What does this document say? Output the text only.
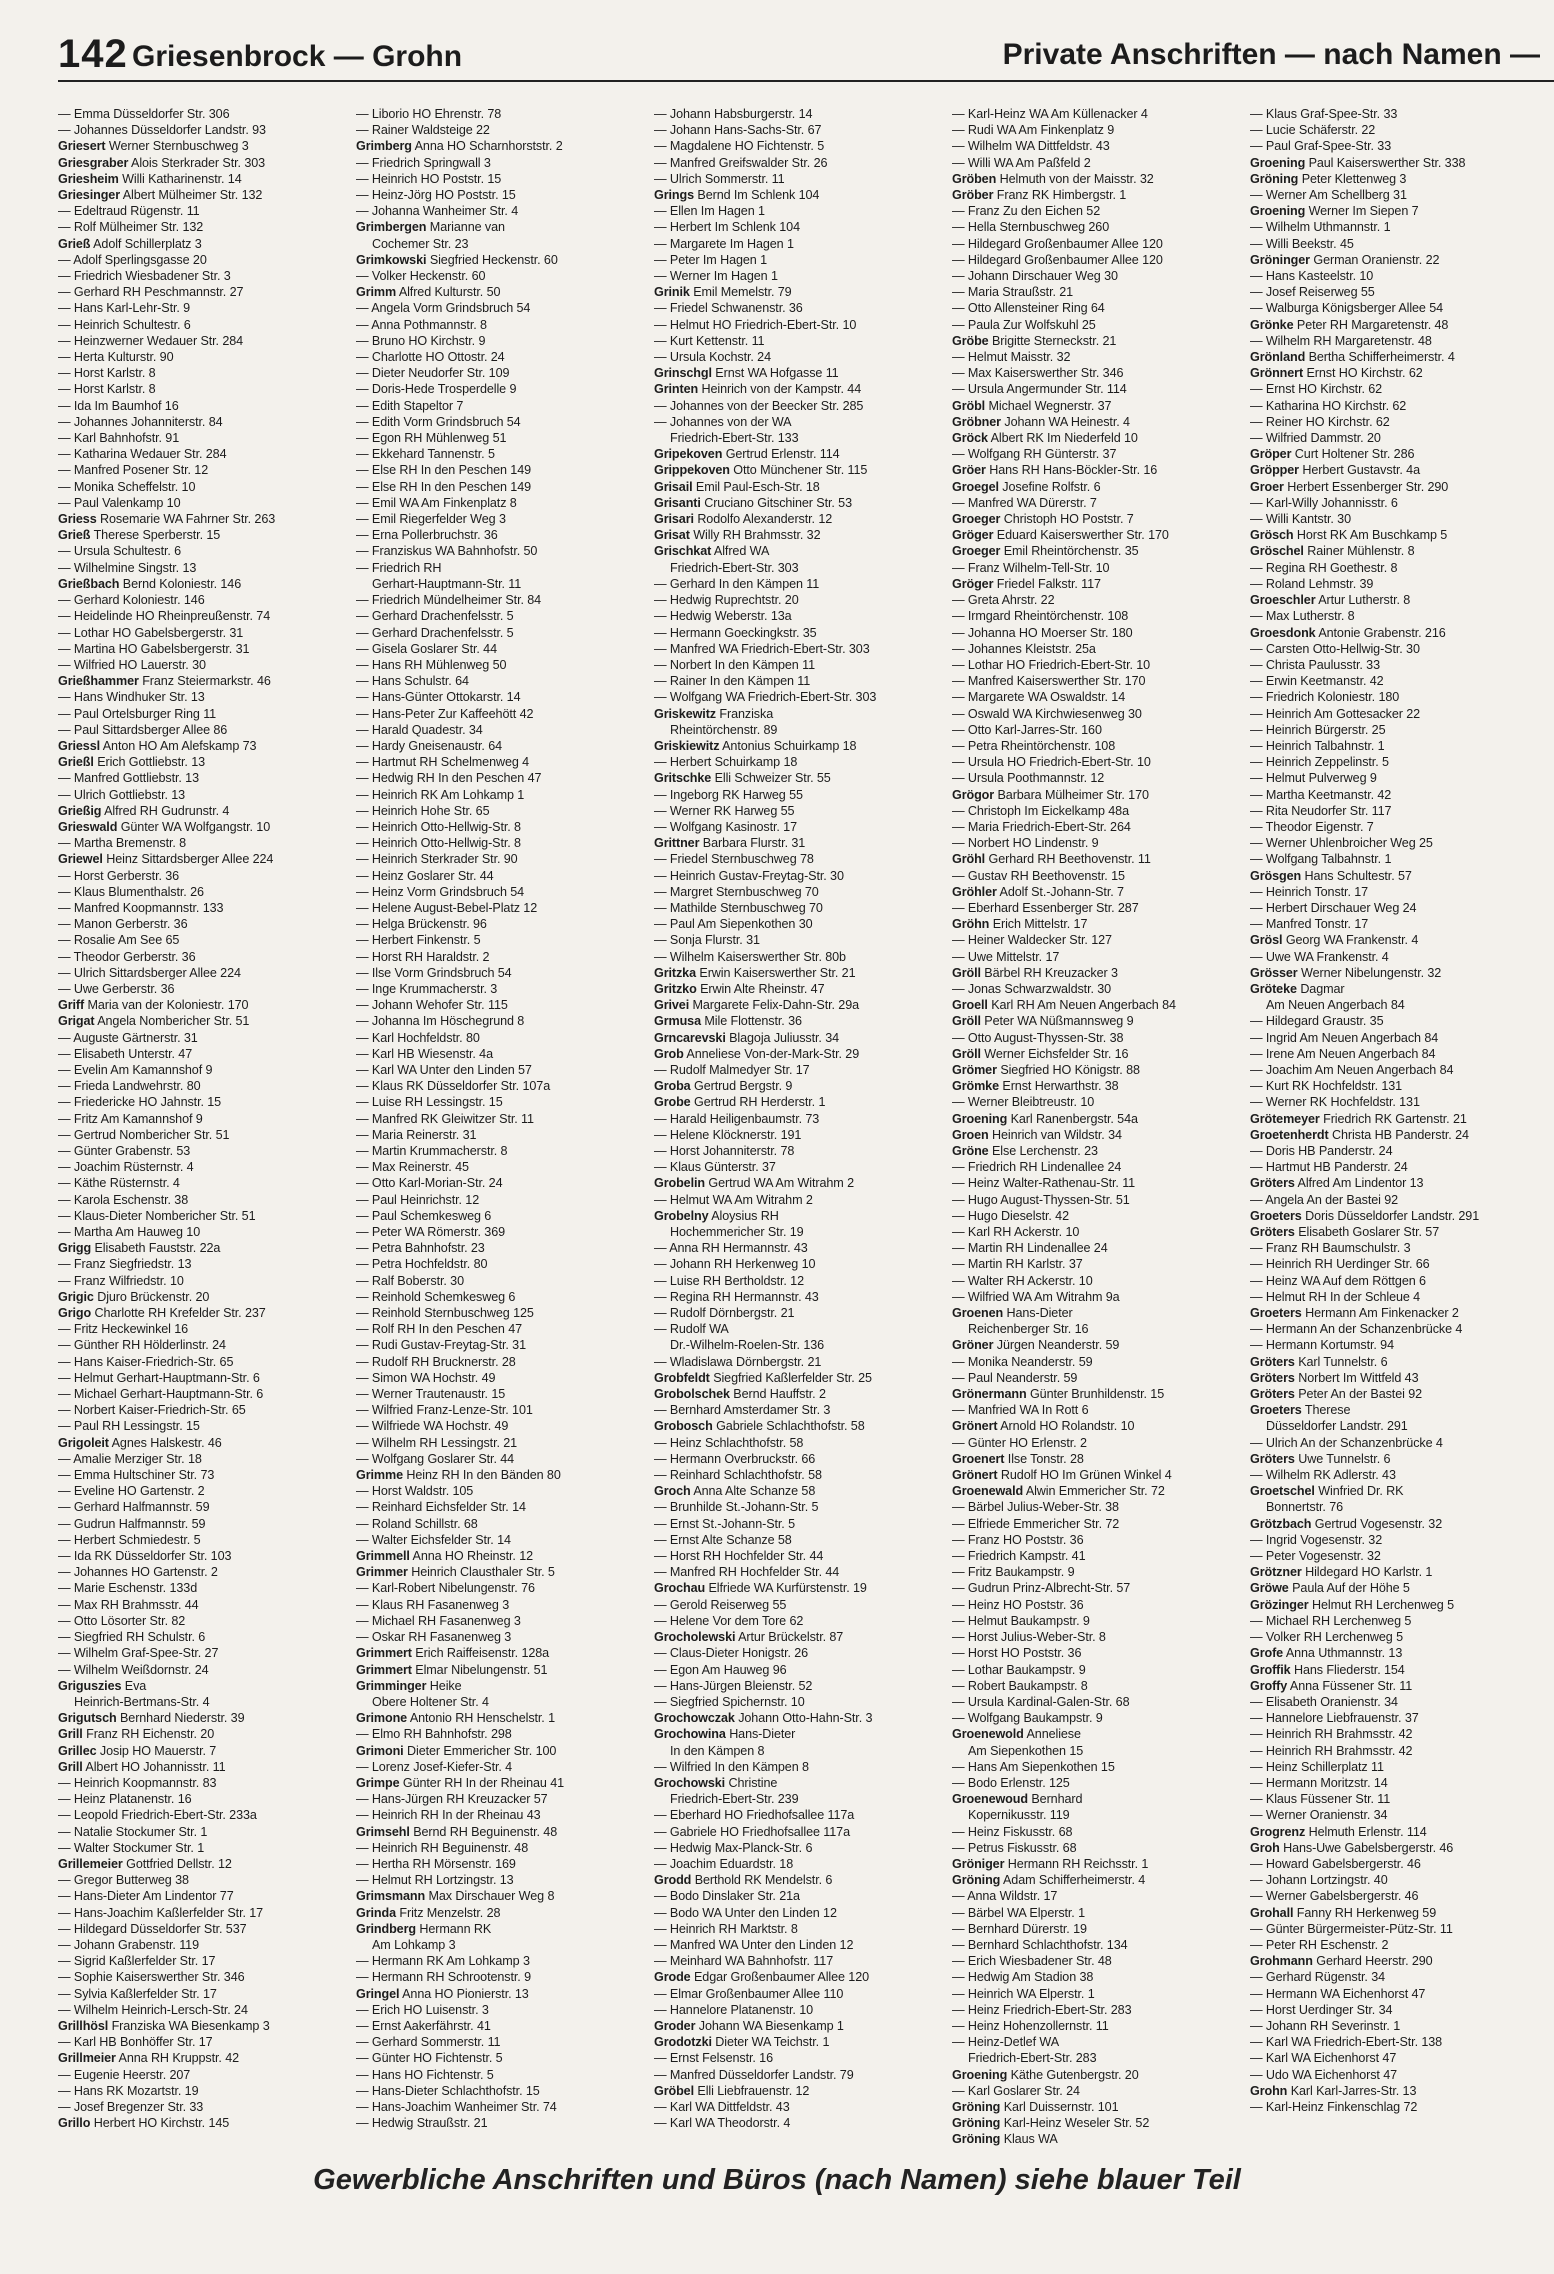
142 Griesenbrock — Grohn	Private Anschriften — nach Namen —
— Emma Düsseldorfer Str. 306
— Johannes Düsseldorfer Landstr. 93
Griesert Werner Sternbuschweg 3
Griesgraber Alois Sterkrader Str. 303
Griesheim Willi Katharinenstr. 14
Griesinger Albert Mülheimer Str. 132
— Edeltraud Rügenstr. 11
— Rolf Mülheimer Str. 132
Grieß Adolf Schillerplatz 3
— Adolf Sperlingsgasse 20
— Friedrich Wiesbadener Str. 3
— Gerhard RH Peschmannstr. 27
— Hans Karl-Lehr-Str. 9
— Heinrich Schultestr. 6
— Heinzwerner Wedauer Str. 284
— Herta Kulturstr. 90
— Horst Karlstr. 8
— Horst Karlstr. 8
— Ida Im Baumhof 16
— Johannes Johanniterstr. 84
— Karl Bahnhofstr. 91
— Katharina Wedauer Str. 284
— Manfred Posener Str. 12
— Monika Scheffelstr. 10
— Paul Valenkamp 10
Griess Rosemarie WA Fahrner Str. 263
Grieß Therese Sperberstr. 15
— Ursula Schultestr. 6
— Wilhelmine Singstr. 13
Grießbach Bernd Koloniestr. 146
— Gerhard Koloniestr. 146
— Heidelinde HO Rheinpreußenstr. 74
— Lothar HO Gabelsbergerstr. 31
— Martina HO Gabelsbergerstr. 31
— Wilfried HO Lauerstr. 30
Grießhammer Franz Steiermarkstr. 46
— Hans Windhuker Str. 13
— Paul Ortelsburger Ring 11
— Paul Sittardsberger Allee 86
Griessl Anton HO Am Alefskamp 73
Grießl Erich Gottliebstr. 13
— Manfred Gottliebstr. 13
— Ulrich Gottliebstr. 13
Grießig Alfred RH Gudrunstr. 4
Grieswald Günter WA Wolfgangstr. 10
— Martha Bremenstr. 8
Griewel Heinz Sittardsberger Allee 224
— Horst Gerberstr. 36
— Klaus Blumenthalstr. 26
— Manfred Koopmannstr. 133
— Manon Gerberstr. 36
— Rosalie Am See 65
— Theodor Gerberstr. 36
— Ulrich Sittardsberger Allee 224
— Uwe Gerberstr. 36
Griff Maria van der Koloniestr. 170
Grigat Angela Nombericher Str. 51
— Auguste Gärtnerstr. 31
— Elisabeth Unterstr. 47
— Evelin Am Kamannshof 9
— Frieda Landwehrstr. 80
— Friedericke HO Jahnstr. 15
— Fritz Am Kamannshof 9
— Gertrud Nombericher Str. 51
— Günter Grabenstr. 53
— Joachim Rüsternstr. 4
— Käthe Rüsternstr. 4
— Karola Eschenstr. 38
— Klaus-Dieter Nombericher Str. 51
— Martha Am Hauweg 10
Grigg Elisabeth Fauststr. 22a
— Franz Siegfriedstr. 13
— Franz Wilfriedstr. 10
Grigic Djuro Brückenstr. 20
Grigo Charlotte RH Krefelder Str. 237
— Fritz Heckewinkel 16
— Günther RH Hölderlinstr. 24
— Hans Kaiser-Friedrich-Str. 65
— Helmut Gerhart-Hauptmann-Str. 6
— Michael Gerhart-Hauptmann-Str. 6
— Norbert Kaiser-Friedrich-Str. 65
— Paul RH Lessingstr. 15
Grigoleit Agnes Halskestr. 46
— Amalie Merziger Str. 18
— Emma Hultschiner Str. 73
— Eveline HO Gartenstr. 2
— Gerhard Halfmannstr. 59
— Gudrun Halfmannstr. 59
— Herbert Schmiedestr. 5
— Ida RK Düsseldorfer Str. 103
— Johannes HO Gartenstr. 2
— Marie Eschenstr. 133d
— Max RH Brahmsstr. 44
— Otto Lösorter Str. 82
— Siegfried RH Schulstr. 6
— Wilhelm Graf-Spee-Str. 27
— Wilhelm Weißdornstr. 24
Griguszies Eva
Heinrich-Bertmans-Str. 4
Grigutsch Bernhard Niederstr. 39
Grill Franz RH Eichenstr. 20
Grillec Josip HO Mauerstr. 7
Grill Albert HO Johannisstr. 11
— Heinrich Koopmannstr. 83
— Heinz Platanenstr. 16
— Leopold Friedrich-Ebert-Str. 233a
— Natalie Stockumer Str. 1
— Walter Stockumer Str. 1
Grillemeier Gottfried Dellstr. 12
— Gregor Butterweg 38
— Hans-Dieter Am Lindentor 77
— Hans-Joachim Kaßlerfelder Str. 17
— Hildegard Düsseldorfer Str. 537
— Johann Grabenstr. 119
— Sigrid Kaßlerfelder Str. 17
— Sophie Kaiserswerther Str. 346
— Sylvia Kaßlerfelder Str. 17
— Wilhelm Heinrich-Lersch-Str. 24
Grillhösl Franziska WA Biesenkamp 3
— Karl HB Bonhöffer Str. 17
Grillmeier Anna RH Kruppstr. 42
— Eugenie Heerstr. 207
— Hans RK Mozartstr. 19
— Josef Bregenzer Str. 33
Grillo Herbert HO Kirchstr. 145
— Liborio HO Ehrenstr. 78
— Rainer Waldsteige 22
Grimberg Anna HO Scharnhorststr. 2
— Friedrich Springwall 3
— Heinrich HO Poststr. 15
— Heinz-Jörg HO Poststr. 15
— Johanna Wanheimer Str. 4
Grimbergen Marianne van
Cochemer Str. 23
Grimkowski Siegfried Heckenstr. 60
— Volker Heckenstr. 60
Grimm Alfred Kulturstr. 50
— Angela Vorm Grindsbruch 54
— Anna Pothmannstr. 8
— Bruno HO Kirchstr. 9
— Charlotte HO Ottostr. 24
— Dieter Neudorfer Str. 109
— Doris-Hede Trosperdelle 9
— Edith Stapeltor 7
— Edith Vorm Grindsbruch 54
— Egon RH Mühlenweg 51
— Ekkehard Tannenstr. 5
— Else RH In den Peschen 149
— Else RH In den Peschen 149
— Emil WA Am Finkenplatz 8
— Emil Riegerfelder Weg 3
— Erna Pollerbruchstr. 36
— Franziskus WA Bahnhofstr. 50
— Friedrich RH
Gerhart-Hauptmann-Str. 11
— Friedrich Mündelheimer Str. 84
— Gerhard Drachenfelsstr. 5
— Gerhard Drachenfelsstr. 5
— Gisela Goslarer Str. 44
— Hans RH Mühlenweg 50
— Hans Schulstr. 64
— Hans-Günter Ottokarstr. 14
— Hans-Peter Zur Kaffeehött 42
— Harald Quadestr. 34
— Hardy Gneisenaustr. 64
— Hartmut RH Schelmenweg 4
— Hedwig RH In den Peschen 47
— Heinrich RK Am Lohkamp 1
— Heinrich Hohe Str. 65
— Heinrich Otto-Hellwig-Str. 8
— Heinrich Otto-Hellwig-Str. 8
— Heinrich Sterkrader Str. 90
— Heinz Goslarer Str. 44
— Heinz Vorm Grindsbruch 54
— Helene August-Bebel-Platz 12
— Helga Brückenstr. 96
— Herbert Finkenstr. 5
— Horst RH Haraldstr. 2
— Ilse Vorm Grindsbruch 54
— Inge Krummacherstr. 3
— Johann Wehofer Str. 115
— Johanna Im Höschegrund 8
— Karl Hochfeldstr. 80
— Karl HB Wiesenstr. 4a
— Karl WA Unter den Linden 57
— Klaus RK Düsseldorfer Str. 107a
— Luise RH Lessingstr. 15
— Manfred RK Gleiwitzer Str. 11
— Maria Reinerstr. 31
— Martin Krummacherstr. 8
— Max Reinerstr. 45
— Otto Karl-Morian-Str. 24
— Paul Heinrichstr. 12
— Paul Schemkesweg 6
— Peter WA Römerstr. 369
— Petra Bahnhofstr. 23
— Petra Hochfeldstr. 80
— Ralf Boberstr. 30
— Reinhold Schemkesweg 6
— Reinhold Sternbuschweg 125
— Rolf RH In den Peschen 47
— Rudi Gustav-Freytag-Str. 31
— Rudolf RH Brucknerstr. 28
— Simon WA Hochstr. 49
— Werner Trautenaustr. 15
— Wilfried Franz-Lenze-Str. 101
— Wilfriede WA Hochstr. 49
— Wilhelm RH Lessingstr. 21
— Wolfgang Goslarer Str. 44
Grimme Heinz RH In den Bänden 80
— Horst Waldstr. 105
— Reinhard Eichsfelder Str. 14
— Roland Schillstr. 68
— Walter Eichsfelder Str. 14
Grimmell Anna HO Rheinstr. 12
Grimmer Heinrich Clausthaler Str. 5
— Karl-Robert Nibelungenstr. 76
— Klaus RH Fasanenweg 3
— Michael RH Fasanenweg 3
— Oskar RH Fasanenweg 3
Grimmert Erich Raiffeisenstr. 128a
Grimmert Elmar Nibelungenstr. 51
Grimminger Heike
Obere Holtener Str. 4
Grimone Antonio RH Henschelstr. 1
— Elmo RH Bahnhofstr. 298
Grimoni Dieter Emmericher Str. 100
— Lorenz Josef-Kiefer-Str. 4
Grimpe Günter RH In der Rheinau 41
— Hans-Jürgen RH Kreuzacker 57
— Heinrich RH In der Rheinau 43
Grimsehl Bernd RH Beguinenstr. 48
— Heinrich RH Beguinenstr. 48
— Hertha RH Mörsenstr. 169
— Helmut RH Lortzingstr. 13
Grimsmann Max Dirschauer Weg 8
Grinda Fritz Menzelstr. 28
Grindberg Hermann RK
Am Lohkamp 3
— Hermann RK Am Lohkamp 3
— Hermann RH Schrootenstr. 9
Gringel Anna HO Pionierstr. 13
— Erich HO Luisenstr. 3
— Ernst Aakerfährstr. 41
— Gerhard Sommerstr. 11
— Günter HO Fichtenstr. 5
— Hans HO Fichtenstr. 5
— Hans-Dieter Schlachthofstr. 15
— Hans-Joachim Wanheimer Str. 74
— Hedwig Straußstr. 21
— Johann Habsburgerstr. 14
— Johann Hans-Sachs-Str. 67
— Magdalene HO Fichtenstr. 5
— Manfred Greifswalder Str. 26
— Ulrich Sommerstr. 11
Grings Bernd Im Schlenk 104
— Ellen Im Hagen 1
— Herbert Im Schlenk 104
— Margarete Im Hagen 1
— Peter Im Hagen 1
— Werner Im Hagen 1
Grinik Emil Memelstr. 79
— Friedel Schwanenstr. 36
— Helmut HO Friedrich-Ebert-Str. 10
— Kurt Kettenstr. 11
— Ursula Kochstr. 24
Grinschgl Ernst WA Hofgasse 11
Grinten Heinrich von der Kampstr. 44
— Johannes von der Beecker Str. 285
— Johannes von der WA
Friedrich-Ebert-Str. 133
Gripekoven Gertrud Erlenstr. 114
Grippekoven Otto Münchener Str. 115
Grisail Emil Paul-Esch-Str. 18
Grisanti Cruciano Gitschiner Str. 53
Grisari Rodolfo Alexanderstr. 12
Grisat Willy RH Brahmsstr. 32
Grischkat Alfred WA
Friedrich-Ebert-Str. 303
— Gerhard In den Kämpen 11
— Hedwig Ruprechtstr. 20
— Hedwig Weberstr. 13a
— Hermann Goeckingkstr. 35
— Manfred WA Friedrich-Ebert-Str. 303
— Norbert In den Kämpen 11
— Rainer In den Kämpen 11
— Wolfgang WA Friedrich-Ebert-Str. 303
Griskewitz Franziska
Rheintörchenstr. 89
Griskiewitz Antonius Schuirkamp 18
— Herbert Schuirkamp 18
Gritschke Elli Schweizer Str. 55
— Ingeborg RK Harweg 55
— Werner RK Harweg 55
— Wolfgang Kasinostr. 17
Grittner Barbara Flurstr. 31
— Friedel Sternbuschweg 78
— Heinrich Gustav-Freytag-Str. 30
— Margret Sternbuschweg 70
— Mathilde Sternbuschweg 70
— Paul Am Siepenkothen 30
— Sonja Flurstr. 31
— Wilhelm Kaiserswerther Str. 80b
Gritzka Erwin Kaiserswerther Str. 21
Gritzko Erwin Alte Rheinstr. 47
Grivei Margarete Felix-Dahn-Str. 29a
Grmusa Mile Flottenstr. 36
Grncarevski Blagoja Juliusstr. 34
Grob Anneliese Von-der-Mark-Str. 29
— Rudolf Malmedyer Str. 17
Groba Gertrud Bergstr. 9
Grobe Gertrud RH Herderstr. 1
— Harald Heiligenbaumstr. 73
— Helene Klöcknerstr. 191
— Horst Johanniterstr. 78
— Klaus Günterstr. 37
Grobelin Gertrud WA Am Witrahm 2
— Helmut WA Am Witrahm 2
Grobelny Aloysius RH
Hochemmericher Str. 19
— Anna RH Hermannstr. 43
— Johann RH Herkenweg 10
— Luise RH Bertholdstr. 12
— Regina RH Hermannstr. 43
— Rudolf Dörnbergstr. 21
— Rudolf WA
Dr.-Wilhelm-Roelen-Str. 136
— Wladislawa Dörnbergstr. 21
Grobfeldt Siegfried Kaßlerfelder Str. 25
Grobolschek Bernd Hauffstr. 2
— Bernhard Amsterdamer Str. 3
Grobosch Gabriele Schlachthofstr. 58
— Heinz Schlachthofstr. 58
— Hermann Overbruckstr. 66
— Reinhard Schlachthofstr. 58
Groch Anna Alte Schanze 58
— Brunhilde St.-Johann-Str. 5
— Ernst St.-Johann-Str. 5
— Ernst Alte Schanze 58
— Horst RH Hochfelder Str. 44
— Manfred RH Hochfelder Str. 44
Grochau Elfriede WA Kurfürstenstr. 19
— Gerold Reiserweg 55
— Helene Vor dem Tore 62
Grocholewski Artur Brückelstr. 87
— Claus-Dieter Honigstr. 26
— Egon Am Hauweg 96
— Hans-Jürgen Bleienstr. 52
— Siegfried Spichernstr. 10
Grochowczak Johann Otto-Hahn-Str. 3
Grochowina Hans-Dieter
In den Kämpen 8
— Wilfried In den Kämpen 8
Grochowski Christine
Friedrich-Ebert-Str. 239
— Eberhard HO Friedhofsallee 117a
— Gabriele HO Friedhofsallee 117a
— Hedwig Max-Planck-Str. 6
— Joachim Eduardstr. 18
Grodd Berthold RK Mendelstr. 6
— Bodo Dinslaker Str. 21a
— Bodo WA Unter den Linden 12
— Heinrich RH Marktstr. 8
— Manfred WA Unter den Linden 12
— Meinhard WA Bahnhofstr. 117
Grode Edgar Großenbaumer Allee 120
— Elmar Großenbaumer Allee 110
— Hannelore Platanenstr. 10
Groder Johann WA Biesenkamp 1
Grodotzki Dieter WA Teichstr. 1
— Ernst Felsenstr. 16
— Manfred Düsseldorfer Landstr. 79
Gröbel Elli Liebfrauenstr. 12
— Karl WA Dittfeldstr. 43
— Karl WA Theodorstr. 4
— Karl-Heinz WA Am Küllenacker 4
— Rudi WA Am Finkenplatz 9
— Wilhelm WA Dittfeldstr. 43
— Willi WA Am Paßfeld 2
Gröben Helmuth von der Maisstr. 32
Gröber Franz RK Himbergstr. 1
— Franz Zu den Eichen 52
— Hella Sternbuschweg 260
— Hildegard Großenbaumer Allee 120
— Hildegard Großenbaumer Allee 120
— Johann Dirschauer Weg 30
— Maria Straußstr. 21
— Otto Allensteiner Ring 64
— Paula Zur Wolfskuhl 25
Gröbe Brigitte Sterneckstr. 21
— Helmut Maisstr. 32
— Max Kaiserswerther Str. 346
— Ursula Angermunder Str. 114
Gröbl Michael Wegnerstr. 37
Gröbner Johann WA Heinestr. 4
Gröck Albert RK Im Niederfeld 10
— Wolfgang RH Günterstr. 37
Gröer Hans RH Hans-Böckler-Str. 16
Groegel Josefine Rolfstr. 6
— Manfred WA Dürerstr. 7
Groeger Christoph HO Poststr. 7
Gröger Eduard Kaiserswerther Str. 170
Groeger Emil Rheintörchenstr. 35
— Franz Wilhelm-Tell-Str. 10
Gröger Friedel Falkstr. 117
— Greta Ahrstr. 22
— Irmgard Rheintörchenstr. 108
— Johanna HO Moerser Str. 180
— Johannes Kleiststr. 25a
— Lothar HO Friedrich-Ebert-Str. 10
— Manfred Kaiserswerther Str. 170
— Margarete WA Oswaldstr. 14
— Oswald WA Kirchwiesenweg 30
— Otto Karl-Jarres-Str. 160
— Petra Rheintörchenstr. 108
— Ursula HO Friedrich-Ebert-Str. 10
— Ursula Poothmannstr. 12
Grögor Barbara Mülheimer Str. 170
— Christoph Im Eickelkamp 48a
— Maria Friedrich-Ebert-Str. 264
— Norbert HO Lindenstr. 9
Gröhl Gerhard RH Beethovenstr. 11
— Gustav RH Beethovenstr. 15
Gröhler Adolf St.-Johann-Str. 7
— Eberhard Essenberger Str. 287
Gröhn Erich Mittelstr. 17
— Heiner Waldecker Str. 127
— Uwe Mittelstr. 17
Gröll Bärbel RH Kreuzacker 3
— Jonas Schwarzwaldstr. 30
Groell Karl RH Am Neuen Angerbach 84
Gröll Peter WA Nüßmannsweg 9
— Otto August-Thyssen-Str. 38
Gröll Werner Eichsfelder Str. 16
Grömer Siegfried HO Königstr. 88
Grömke Ernst Herwarthstr. 38
— Werner Bleibtreustr. 10
Groening Karl Ranenbergstr. 54a
Groen Heinrich van Wildstr. 34
Gröne Else Lerchenstr. 23
— Friedrich RH Lindenallee 24
— Heinz Walter-Rathenau-Str. 11
— Hugo August-Thyssen-Str. 51
— Hugo Dieselstr. 42
— Karl RH Ackerstr. 10
— Martin RH Lindenallee 24
— Martin RH Karlstr. 37
— Walter RH Ackerstr. 10
— Wilfried WA Am Witrahm 9a
Groenen Hans-Dieter
Reichenberger Str. 16
Gröner Jürgen Neanderstr. 59
— Monika Neanderstr. 59
— Paul Neanderstr. 59
Grönermann Günter Brunhildenstr. 15
— Manfried WA In Rott 6
Grönert Arnold HO Rolandstr. 10
— Günter HO Erlenstr. 2
Groenert Ilse Tonstr. 28
Grönert Rudolf HO Im Grünen Winkel 4
Groenewald Alwin Emmericher Str. 72
— Bärbel Julius-Weber-Str. 38
— Elfriede Emmericher Str. 72
— Franz HO Poststr. 36
— Friedrich Kampstr. 41
— Fritz Baukampstr. 9
— Gudrun Prinz-Albrecht-Str. 57
— Heinz HO Poststr. 36
— Helmut Baukampstr. 9
— Horst Julius-Weber-Str. 8
— Horst HO Poststr. 36
— Lothar Baukampstr. 9
— Robert Baukampstr. 8
— Ursula Kardinal-Galen-Str. 68
— Wolfgang Baukampstr. 9
Groenewold Anneliese
Am Siepenkothen 15
— Hans Am Siepenkothen 15
— Bodo Erlenstr. 125
Groenewoud Bernhard
Kopernikusstr. 119
— Heinz Fiskusstr. 68
— Petrus Fiskusstr. 68
Gröniger Hermann RH Reichsstr. 1
Gröning Adam Schifferheimerstr. 4
— Anna Wildstr. 17
— Bärbel WA Elperstr. 1
— Bernhard Dürerstr. 19
— Bernhard Schlachthofstr. 134
— Erich Wiesbadener Str. 48
— Hedwig Am Stadion 38
— Heinrich WA Elperstr. 1
— Heinz Friedrich-Ebert-Str. 283
— Heinz Hohenzollernstr. 11
— Heinz-Detlef WA
Friedrich-Ebert-Str. 283
Groening Käthe Gutenbergstr. 20
— Karl Goslarer Str. 24
Gröning Karl Duissernstr. 101
Gröning Karl-Heinz Weseler Str. 52
Gröning Klaus WA
— Klaus Graf-Spee-Str. 33
— Lucie Schäferstr. 22
— Paul Graf-Spee-Str. 33
Groening Paul Kaiserswerther Str. 338
Gröning Peter Klettenweg 3
— Werner Am Schellberg 31
Groening Werner Im Siepen 7
— Wilhelm Uthmannstr. 1
— Willi Beekstr. 45
Gröninger German Oranienstr. 22
— Hans Kasteelstr. 10
— Josef Reiserweg 55
— Walburga Königsberger Allee 54
Grönke Peter RH Margaretenstr. 48
— Wilhelm RH Margaretenstr. 48
Grönland Bertha Schifferheimerstr. 4
Grönnert Ernst HO Kirchstr. 62
— Ernst HO Kirchstr. 62
— Katharina HO Kirchstr. 62
— Reiner HO Kirchstr. 62
— Wilfried Dammstr. 20
Gröper Curt Holtener Str. 286
Gröpper Herbert Gustavstr. 4a
Groer Herbert Essenberger Str. 290
— Karl-Willy Johannisstr. 6
— Willi Kantstr. 30
Grösch Horst RK Am Buschkamp 5
Gröschel Rainer Mühlenstr. 8
— Regina RH Goethestr. 8
— Roland Lehmstr. 39
Groeschler Artur Lutherstr. 8
— Max Lutherstr. 8
Groesdonk Antonie Grabenstr. 216
— Carsten Otto-Hellwig-Str. 30
— Christa Paulusstr. 33
— Erwin Keetmanstr. 42
— Friedrich Koloniestr. 180
— Heinrich Am Gottesacker 22
— Heinrich Bürgerstr. 25
— Heinrich Talbahnstr. 1
— Heinrich Zeppelinstr. 5
— Helmut Pulverweg 9
— Martha Keetmanstr. 42
— Rita Neudorfer Str. 117
— Theodor Eigenstr. 7
— Werner Uhlenbroicher Weg 25
— Wolfgang Talbahnstr. 1
Grösgen Hans Schultestr. 57
— Heinrich Tonstr. 17
— Herbert Dirschauer Weg 24
— Manfred Tonstr. 17
Grösl Georg WA Frankenstr. 4
— Uwe WA Frankenstr. 4
Grösser Werner Nibelungenstr. 32
Gröteke Dagmar
Am Neuen Angerbach 84
— Hildegard Graustr. 35
— Ingrid Am Neuen Angerbach 84
— Irene Am Neuen Angerbach 84
— Joachim Am Neuen Angerbach 84
— Kurt RK Hochfeldstr. 131
— Werner RK Hochfeldstr. 131
Grötemeyer Friedrich RK Gartenstr. 21
Groetenherdt Christa HB Panderstr. 24
— Doris HB Panderstr. 24
— Hartmut HB Panderstr. 24
Gröters Alfred Am Lindentor 13
— Angela An der Bastei 92
Groeters Doris Düsseldorfer Landstr. 291
Gröters Elisabeth Goslarer Str. 57
— Franz RH Baumschulstr. 3
— Heinrich RH Uerdinger Str. 66
— Heinz WA Auf dem Röttgen 6
— Helmut RH In der Schleue 4
Groeters Hermann Am Finkenacker 2
— Hermann An der Schanzenbrücke 4
— Hermann Kortumstr. 94
Gröters Karl Tunnelstr. 6
Gröters Norbert Im Wittfeld 43
Gröters Peter An der Bastei 92
Groeters Therese
Düsseldorfer Landstr. 291
— Ulrich An der Schanzenbrücke 4
Gröters Uwe Tunnelstr. 6
— Wilhelm RK Adlerstr. 43
Groetschel Winfried Dr. RK
Bonnertstr. 76
Grötzbach Gertrud Vogesenstr. 32
— Ingrid Vogesenstr. 32
— Peter Vogesenstr. 32
Grötzner Hildegard HO Karlstr. 1
Gröwe Paula Auf der Höhe 5
Grözinger Helmut RH Lerchenweg 5
— Michael RH Lerchenweg 5
— Volker RH Lerchenweg 5
Grofe Anna Uthmannstr. 13
Groffik Hans Fliederstr. 154
Groffy Anna Füssener Str. 11
— Elisabeth Oranienstr. 34
— Hannelore Liebfrauenstr. 37
— Heinrich RH Brahmsstr. 42
— Heinrich RH Brahmsstr. 42
— Heinz Schillerplatz 11
— Hermann Moritzstr. 14
— Klaus Füssener Str. 11
— Werner Oranienstr. 34
Grogrenz Helmuth Erlenstr. 114
Groh Hans-Uwe Gabelsbergerstr. 46
— Howard Gabelsbergerstr. 46
— Johann Lortzingstr. 40
— Werner Gabelsbergerstr. 46
Grohall Fanny RH Herkenweg 59
— Günter Bürgermeister-Pütz-Str. 11
— Peter RH Eschenstr. 2
Grohmann Gerhard Heerstr. 290
— Gerhard Rügenstr. 34
— Hermann WA Eichenhorst 47
— Horst Uerdinger Str. 34
— Johann RH Severinstr. 1
— Karl WA Friedrich-Ebert-Str. 138
— Karl WA Eichenhorst 47
— Udo WA Eichenhorst 47
Grohn Karl Karl-Jarres-Str. 13
— Karl-Heinz Finkenschlag 72
Gewerbliche Anschriften und Büros (nach Namen) siehe blauer Teil
